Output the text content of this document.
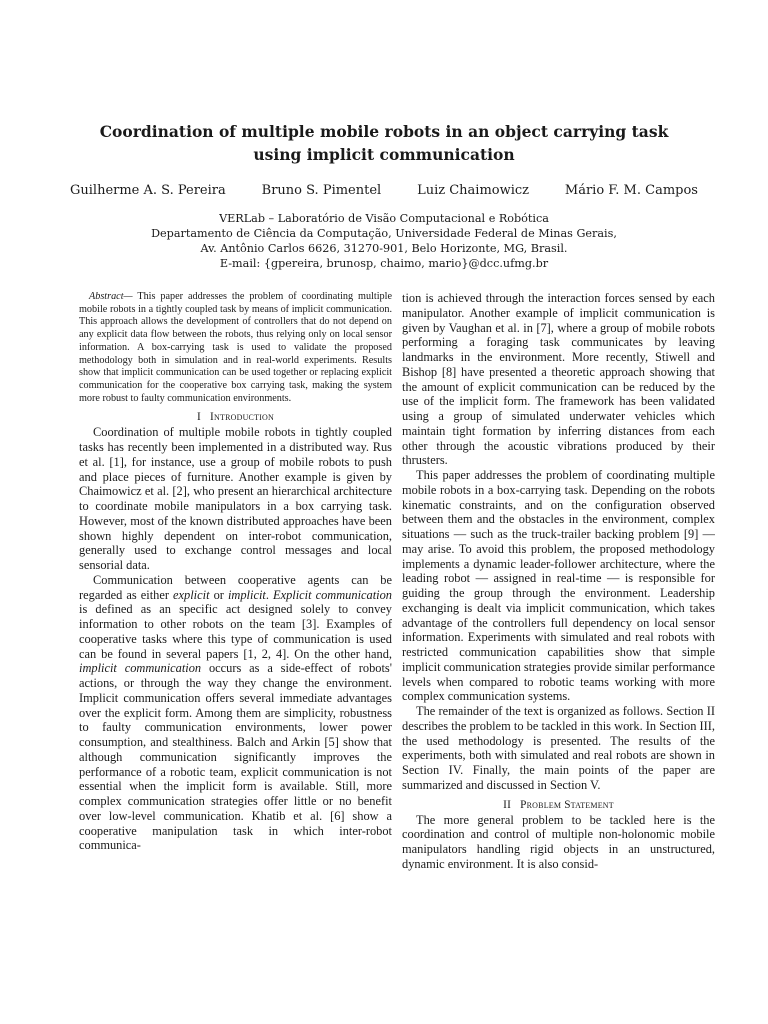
Coordination of multiple mobile robots in an object carrying task
using implicit communication
Guilherme A. S. Pereira	Bruno S. Pimentel	Luiz Chaimowicz	Mário F. M. Campos
VERLab – Laboratório de Visão Computacional e Robótica
Departamento de Ciência da Computação, Universidade Federal de Minas Gerais,
Av. Antônio Carlos 6626, 31270-901, Belo Horizonte, MG, Brasil.
E-mail: {gpereira, brunosp, chaimo, mario}@dcc.ufmg.br

Abstract— This paper addresses the problem of coordinating multiple mobile robots in a tightly coupled task by means of implicit communication. This approach allows the development of controllers that do not depend on any explicit data flow between the robots, thus relying only on local sensor information. A box-carrying task is used to validate the proposed methodology both in simulation and in real-world experiments. Results show that implicit communication can be used together or replacing explicit communication for the cooperative box carrying task, making the system more robust to faulty communication environments.

I Introduction

Coordination of multiple mobile robots in tightly coupled tasks has recently been implemented in a distributed way. Rus et al. [1], for instance, use a group of mobile robots to push and place pieces of furniture. Another example is given by Chaimowicz et al. [2], who present an hierarchical architecture to coordinate mobile manipulators in a box carrying task. However, most of the known distributed approaches have been shown highly dependent on inter-robot communication, generally used to exchange control messages and local sensorial data.

Communication between cooperative agents can be regarded as either explicit or implicit. Explicit communication is defined as an specific act designed solely to convey information to other robots on the team [3]. Examples of cooperative tasks where this type of communication is used can be found in several papers [1, 2, 4]. On the other hand, implicit communication occurs as a side-effect of robots' actions, or through the way they change the environment. Implicit communication offers several immediate advantages over the explicit form. Among them are simplicity, robustness to faulty communication environments, lower power consumption, and stealthiness. Balch and Arkin [5] show that although communication significantly improves the performance of a robotic team, explicit communication is not essential when the implicit form is available. Still, more complex communication strategies offer little or no benefit over low-level communication. Khatib et al. [6] show a cooperative manipulation task in which inter-robot communica-

tion is achieved through the interaction forces sensed by each manipulator. Another example of implicit communication is given by Vaughan et al. in [7], where a group of mobile robots performing a foraging task communicates by leaving landmarks in the environment. More recently, Stiwell and Bishop [8] have presented a theoretic approach showing that the amount of explicit communication can be reduced by the use of the implicit form. The framework has been validated using a group of simulated underwater vehicles which maintain tight formation by inferring distances from each other through the acoustic vibrations produced by their thrusters.

This paper addresses the problem of coordinating multiple mobile robots in a box-carrying task. Depending on the robots kinematic constraints, and on the configuration observed between them and the obstacles in the environment, complex situations — such as the truck-trailer backing problem [9] — may arise. To avoid this problem, the proposed methodology implements a dynamic leader-follower architecture, where the leading robot — assigned in real-time — is responsible for guiding the group through the environment. Leadership exchanging is dealt via implicit communication, which takes advantage of the controllers full dependency on local sensor information. Experiments with simulated and real robots with restricted communication capabilities show that simple implicit communication strategies provide similar performance levels when compared to robotic teams working with more complex communication systems.

The remainder of the text is organized as follows. Section II describes the problem to be tackled in this work. In Section III, the used methodology is presented. The results of the experiments, both with simulated and real robots are shown in Section IV. Finally, the main points of the paper are summarized and discussed in Section V.

II Problem Statement

The more general problem to be tackled here is the coordination and control of multiple non-holonomic mobile manipulators handling rigid objects in an unstructured, dynamic environment. It is also consid-
